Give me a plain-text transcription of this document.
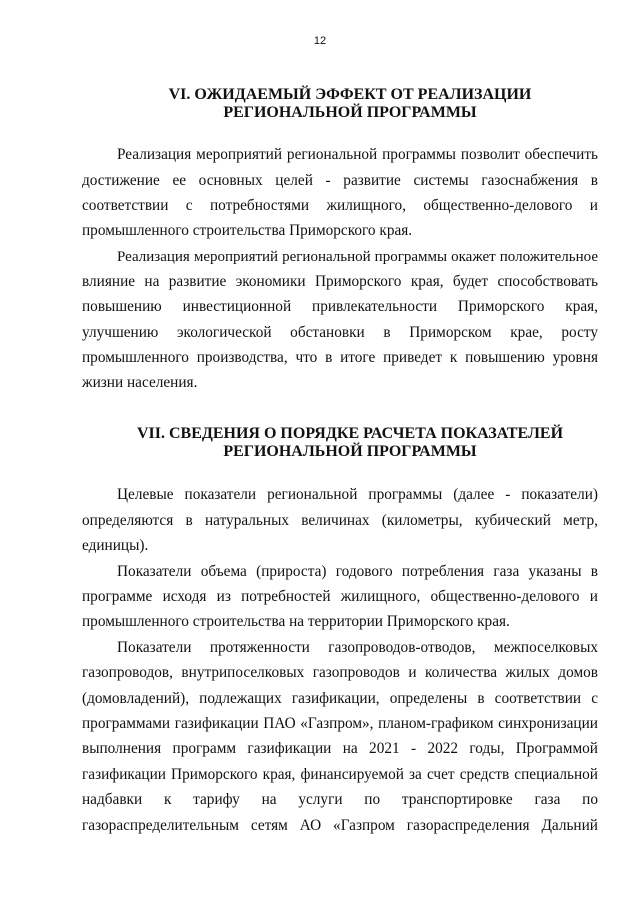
12
VI. ОЖИДАЕМЫЙ ЭФФЕКТ ОТ РЕАЛИЗАЦИИ
РЕГИОНАЛЬНОЙ ПРОГРАММЫ
Реализация мероприятий региональной программы позволит обеспечить
достижение ее основных целей - развитие системы газоснабжения в
соответствии с потребностями жилищного, общественно-делового и
промышленного строительства Приморского края.
Реализация мероприятий региональной программы окажет положительное
влияние на развитие экономики Приморского края, будет способствовать
повышению инвестиционной привлекательности Приморского края,
улучшению экологической обстановки в Приморском крае, росту
промышленного производства, что в итоге приведет к повышению уровня
жизни населения.
VII. СВЕДЕНИЯ О ПОРЯДКЕ РАСЧЕТА ПОКАЗАТЕЛЕЙ
РЕГИОНАЛЬНОЙ ПРОГРАММЫ
Целевые показатели региональной программы (далее - показатели)
определяются в натуральных величинах (километры, кубический метр,
единицы).
Показатели объема (прироста) годового потребления газа указаны в
программе исходя из потребностей жилищного, общественно-делового и
промышленного строительства на территории Приморского края.
Показатели протяженности газопроводов-отводов, межпоселковых
газопроводов, внутрипоселковых газопроводов и количества жилых домов
(домовладений), подлежащих газификации, определены в соответствии с
программами газификации ПАО «Газпром», планом-графиком синхронизации
выполнения программ газификации на 2021 - 2022 годы, Программой
газификации Приморского края, финансируемой за счет средств специальной
надбавки к тарифу на услуги по транспортировке газа по
газораспределительным сетям АО «Газпром газораспределения Дальний
